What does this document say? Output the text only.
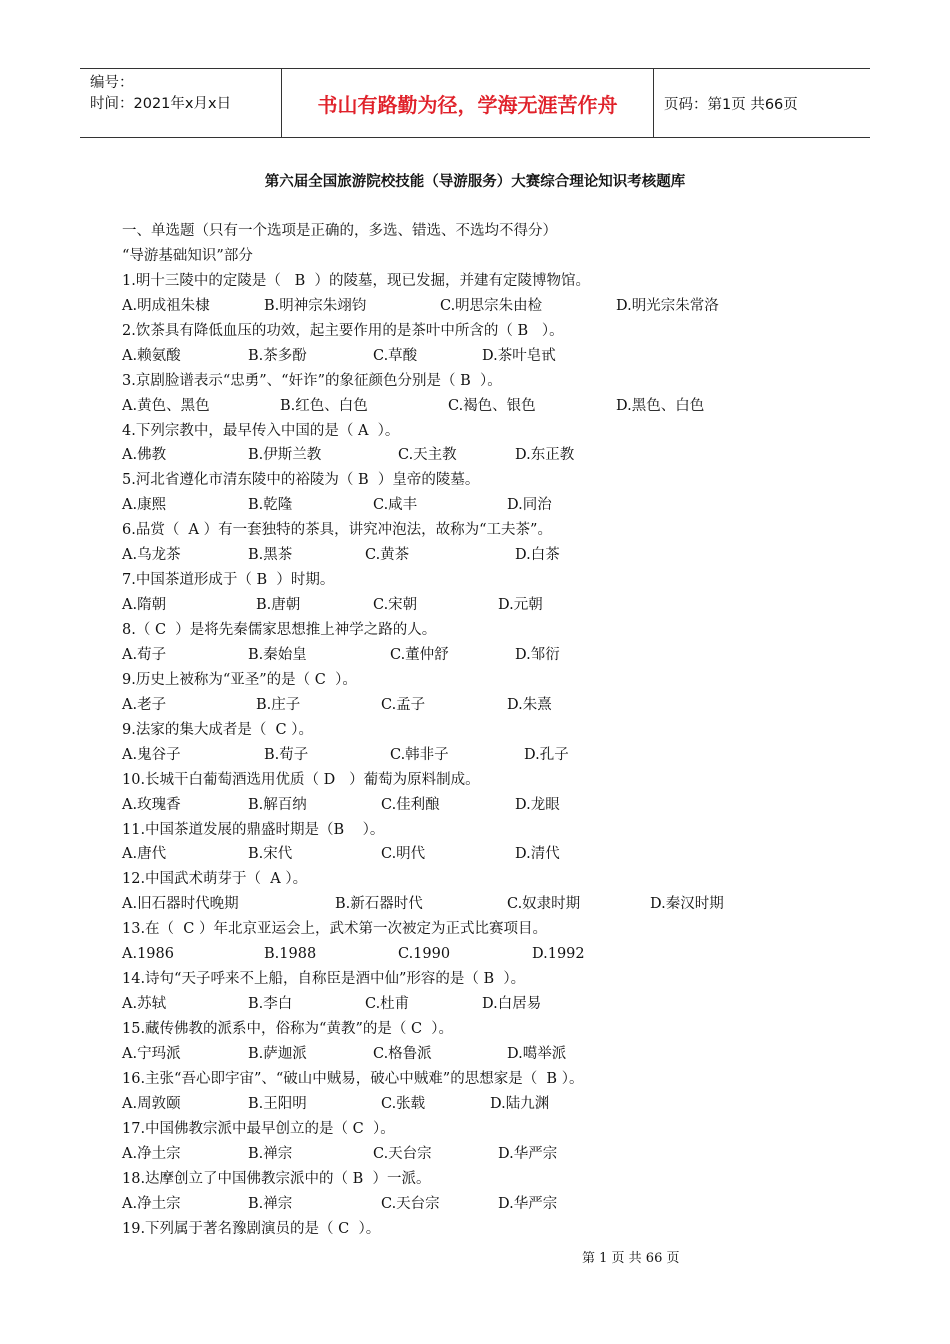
编号：
时间：2021年x月x日	书山有路勤为径，学海无涯苦作舟	页码：第1页 共66页
第六届全国旅游院校技能（导游服务）大赛综合理论知识考核题库
一、单选题（只有一个选项是正确的，多选、错选、不选均不得分）
“导游基础知识”部分
1.明十三陵中的定陵是（   B  ）的陵墓，现已发掘，并建有定陵博物馆。
A.明成祖朱棣	B.明神宗朱翊钧	C.明思宗朱由检	D.明光宗朱常洛
2.饮茶具有降低血压的功效，起主要作用的是茶叶中所含的（ B   ）。
A.赖氨酸	B.茶多酚	C.草酸	D.茶叶皂甙
3.京剧脸谱表示“忠勇”、“奸诈”的象征颜色分别是（ B  ）。
A.黄色、黑色	B.红色、白色	C.褐色、银色	D.黑色、白色
4.下列宗教中，最早传入中国的是（ A  ）。
A.佛教	B.伊斯兰教	C.天主教	D.东正教
5.河北省遵化市清东陵中的裕陵为（ B  ）皇帝的陵墓。
A.康熙	B.乾隆	C.咸丰	D.同治
6.品赏（  A ）有一套独特的茶具，讲究冲泡法，故称为“工夫茶”。
A.乌龙茶	B.黑茶	C.黄茶	D.白茶
7.中国茶道形成于（ B  ）时期。
A.隋朝	B.唐朝	C.宋朝	D.元朝
8.（ C  ）是将先秦儒家思想推上神学之路的人。
A.荀子	B.秦始皇	C.董仲舒	D.邹衍
9.历史上被称为“亚圣”的是（ C  ）。
A.老子	B.庄子	C.孟子	D.朱熹
9.法家的集大成者是（  C ）。
A.鬼谷子	B.荀子	C.韩非子	D.孔子
10.长城干白葡萄酒选用优质（ D   ）葡萄为原料制成。
A.玫瑰香	B.解百纳	C.佳利酿	D.龙眼
11.中国茶道发展的鼎盛时期是（B    ）。
A.唐代	B.宋代	C.明代	D.清代
12.中国武术萌芽于（  A ）。
A.旧石器时代晚期	B.新石器时代	C.奴隶时期	D.秦汉时期
13.在（  C ）年北京亚运会上，武术第一次被定为正式比赛项目。
A.1986	B.1988	C.1990	D.1992
14.诗句“天子呼来不上船，自称臣是酒中仙”形容的是（ B  ）。
A.苏轼	B.李白	C.杜甫	D.白居易
15.藏传佛教的派系中，俗称为“黄教”的是（ C  ）。
A.宁玛派	B.萨迦派	C.格鲁派	D.噶举派
16.主张“吾心即宇宙”、“破山中贼易，破心中贼难”的思想家是（  B ）。
A.周敦颐	B.王阳明	C.张载	D.陆九渊
17.中国佛教宗派中最早创立的是（ C  ）。
A.净土宗	B.禅宗	C.天台宗	D.华严宗
18.达摩创立了中国佛教宗派中的（ B  ）一派。
A.净土宗	B.禅宗	C.天台宗	D.华严宗
19.下列属于著名豫剧演员的是（ C  ）。
第 1 页 共 66 页
